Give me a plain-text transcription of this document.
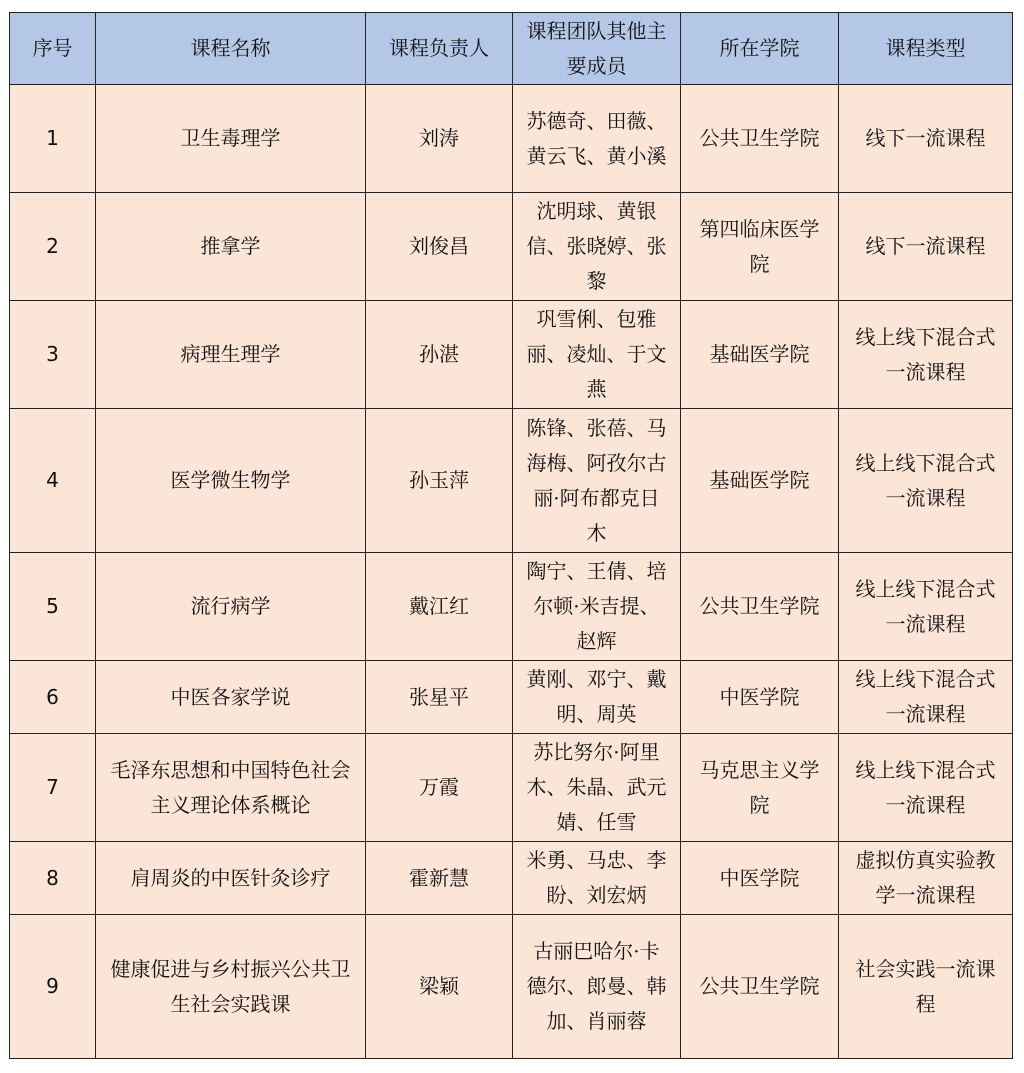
序号	课程名称	课程负责人	课程团队其他主要成员	所在学院	课程类型
1	卫生毒理学	刘涛	苏德奇、田薇、黄云飞、黄小溪	公共卫生学院	线下一流课程

2	推拿学	刘俊昌	沈明球、黄银信、张晓婷、张黎	第四临床医学院	线下一流课程

3	病理生理学	孙湛	巩雪俐、包雅丽、凌灿、于文燕	基础医学院	线上线下混合式一流课程

4	医学微生物学	孙玉萍	陈锋、张蓓、马海梅、阿孜尔古丽·阿布都克日木	基础医学院	线上线下混合式一流课程

5	流行病学	戴江红	陶宁、王倩、培尔顿·米吉提、赵辉	公共卫生学院	线上线下混合式一流课程

6	中医各家学说	张星平	黄刚、邓宁、戴明、周英	中医学院	线上线下混合式一流课程

7	毛泽东思想和中国特色社会主义理论体系概论	万霞	苏比努尔·阿里木、朱晶、武元婧、任雪	马克思主义学院	线上线下混合式一流课程

8	肩周炎的中医针灸诊疗	霍新慧	米勇、马忠、李盼、刘宏炳	中医学院	虚拟仿真实验教学一流课程

9	健康促进与乡村振兴公共卫生社会实践课	梁颖	古丽巴哈尔·卡德尔、郎曼、韩加、肖丽蓉	公共卫生学院	社会实践一流课程
